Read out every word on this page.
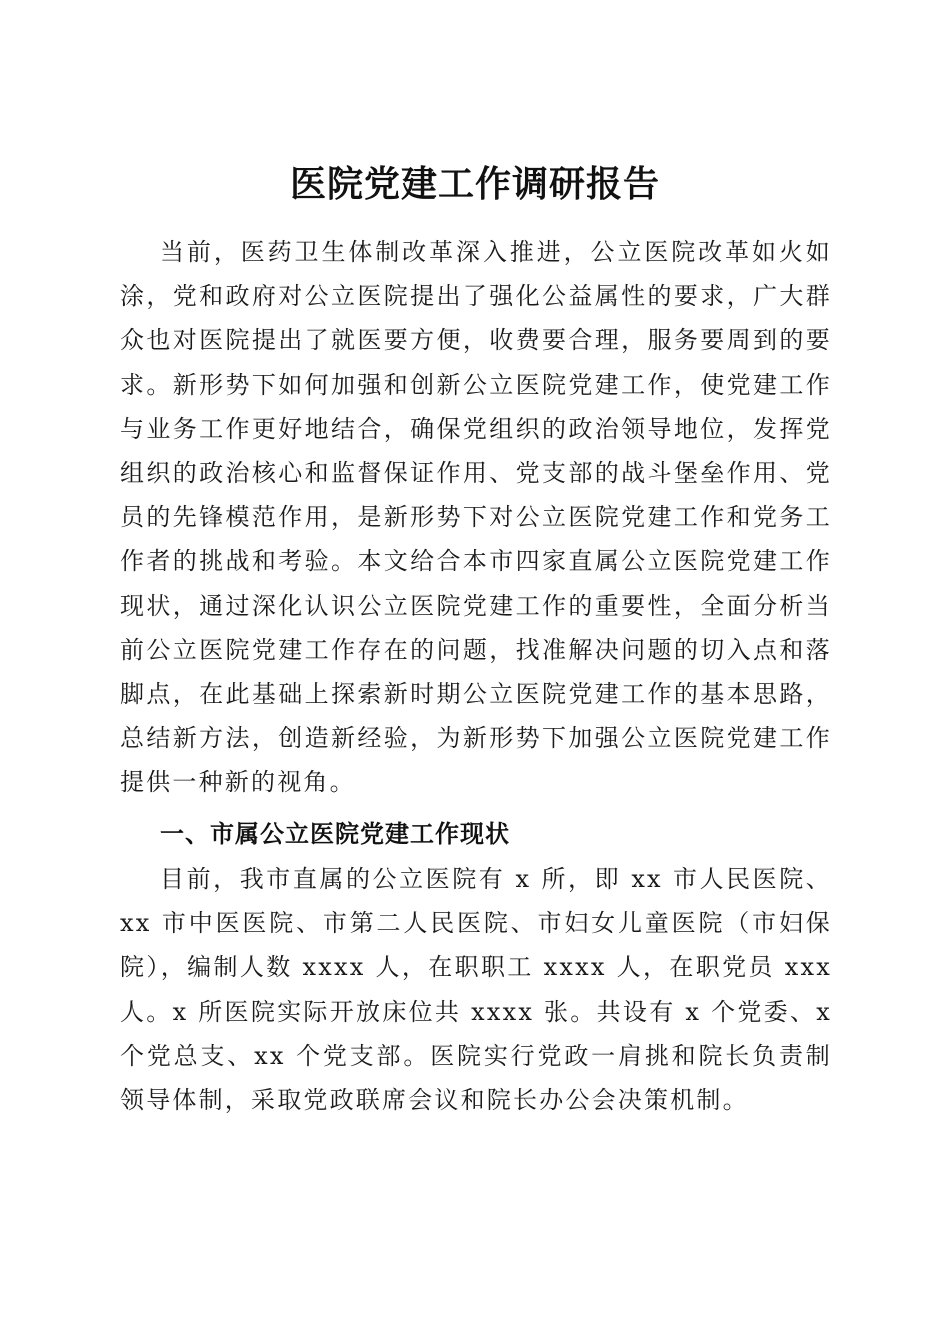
医院党建工作调研报告

当前，医药卫生体制改革深入推进，公立医院改革如火如涂，党和政府对公立医院提出了强化公益属性的要求，广大群众也对医院提出了就医要方便，收费要合理，服务要周到的要求。新形势下如何加强和创新公立医院党建工作，使党建工作与业务工作更好地结合，确保党组织的政治领导地位，发挥党组织的政治核心和监督保证作用、党支部的战斗堡垒作用、党员的先锋模范作用，是新形势下对公立医院党建工作和党务工作者的挑战和考验。本文给合本市四家直属公立医院党建工作现状，通过深化认识公立医院党建工作的重要性，全面分析当前公立医院党建工作存在的问题，找准解决问题的切入点和落脚点，在此基础上探索新时期公立医院党建工作的基本思路，总结新方法，创造新经验，为新形势下加强公立医院党建工作提供一种新的视角。

一、市属公立医院党建工作现状

目前，我市直属的公立医院有 x 所，即 xx 市人民医院、xx 市中医医院、市第二人民医院、市妇女儿童医院（市妇保院），编制人数 xxxx 人，在职职工 xxxx 人，在职党员 xxx 人。x 所医院实际开放床位共 xxxx 张。共设有 x 个党委、x 个党总支、xx 个党支部。医院实行党政一肩挑和院长负责制领导体制，采取党政联席会议和院长办公会决策机制。
